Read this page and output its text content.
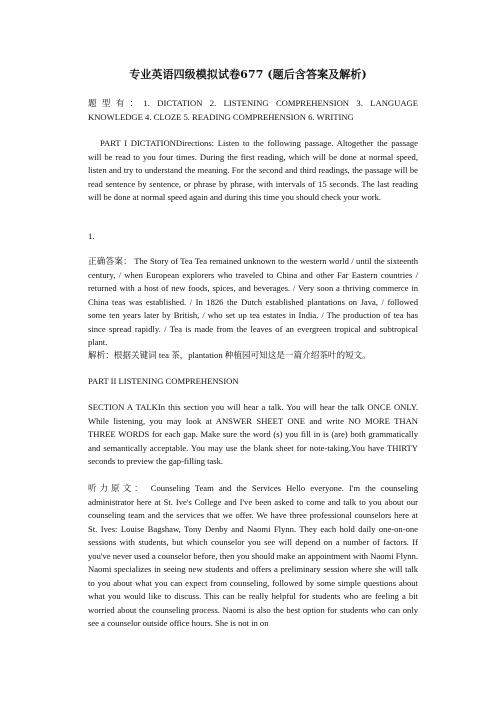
专业英语四级模拟试卷677 (题后含答案及解析)
题型有：1. DICTATION 2. LISTENING COMPREHENSION 3. LANGUAGE KNOWLEDGE 4. CLOZE 5. READING COMPREHENSION 6. WRITING
PART I DICTATIONDirections: Listen to the following passage. Altogether the passage will be read to you four times. During the first reading, which will be done at normal speed, listen and try to understand the meaning. For the second and third readings, the passage will be read sentence by sentence, or phrase by phrase, with intervals of 15 seconds. The last reading will be done at normal speed again and during this time you should check your work.
1.
正确答案： The Story of Tea Tea remained unknown to the western world / until the sixteenth century, / when European explorers who traveled to China and other Far Eastern countries / returned with a host of new foods, spices, and beverages. / Very soon a thriving commerce in China teas was established. / In 1826 the Dutch established plantations on Java, / followed some ten years later by British, / who set up tea estates in India. / The production of tea has since spread rapidly. / Tea is made from the leaves of an evergreen tropical and subtropical plant.
解析：根据关键词 tea 茶，plantation 种植园可知这是一篇介绍茶叶的短文。
PART II LISTENING COMPREHENSION
SECTION A TALKIn this section you will hear a talk. You will hear the talk ONCE ONLY. While listening, you may look at ANSWER SHEET ONE and write NO MORE THAN THREE WORDS for each gap. Make sure the word (s) you fill in is (are) both grammatically and semantically acceptable. You may use the blank sheet for note-taking.You have THIRTY seconds to preview the gap-filling task.
听力原文： Counseling Team and the Services Hello everyone. I'm the counseling administrator here at St. Ive's College and I've been asked to come and talk to you about our counseling team and the services that we offer. We have three professional counselors here at St. Ives: Louise Bagshaw, Tony Denby and Naomi Flynn. They each hold daily one-on-one sessions with students, but which counselor you see will depend on a number of factors. If you've never used a counselor before, then you should make an appointment with Naomi Flynn. Naomi specializes in seeing new students and offers a preliminary session where she will talk to you about what you can expect from counseling, followed by some simple questions about what you would like to discuss. This can be really helpful for students who are feeling a bit worried about the counseling process. Naomi is also the best option for students who can only see a counselor outside office hours. She is not in on
